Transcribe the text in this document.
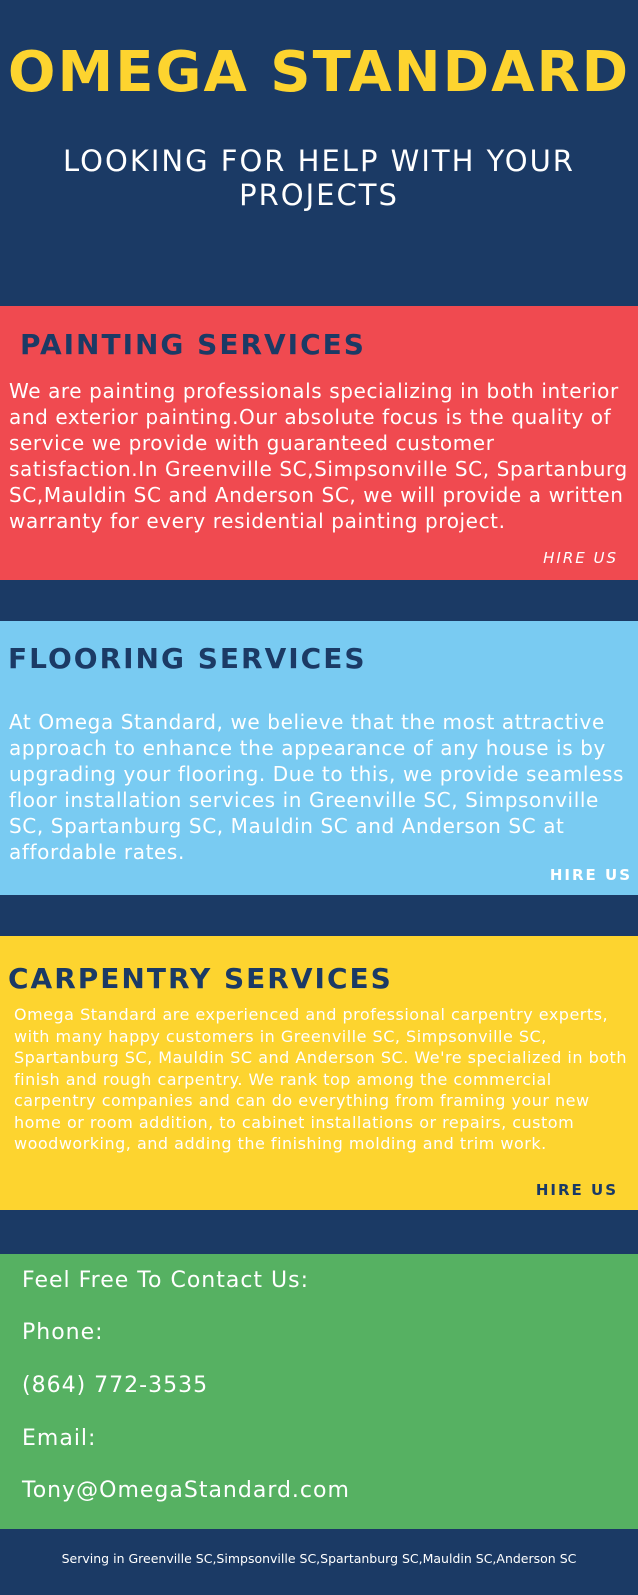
OMEGA STANDARD
LOOKING FOR HELP WITH YOUR PROJECTS
PAINTING SERVICES
We are painting professionals specializing in both interior and exterior painting.Our absolute focus is the quality of service we provide with guaranteed customer satisfaction.In Greenville SC,Simpsonville SC, Spartanburg SC,Mauldin SC and Anderson SC, we will provide a written warranty for every residential painting project.
HIRE US
FLOORING SERVICES
At Omega Standard, we believe that the most attractive approach to enhance the appearance of any house is by upgrading your flooring. Due to this, we provide seamless floor installation services in Greenville SC, Simpsonville SC, Spartanburg SC, Mauldin SC and Anderson SC at affordable rates.
HIRE US
CARPENTRY SERVICES
Omega Standard are experienced and professional carpentry experts, with many happy customers in Greenville SC, Simpsonville SC, Spartanburg SC, Mauldin SC and Anderson SC. We're specialized in both finish and rough carpentry. We rank top among the commercial carpentry companies and can do everything from framing your new home or room addition, to cabinet installations or repairs, custom woodworking, and adding the finishing molding and trim work.
HIRE US
Feel Free To Contact Us:
Phone:
(864) 772-3535
Email:
Tony@OmegaStandard.com
Serving in Greenville SC,Simpsonville SC,Spartanburg SC,Mauldin SC,Anderson SC
